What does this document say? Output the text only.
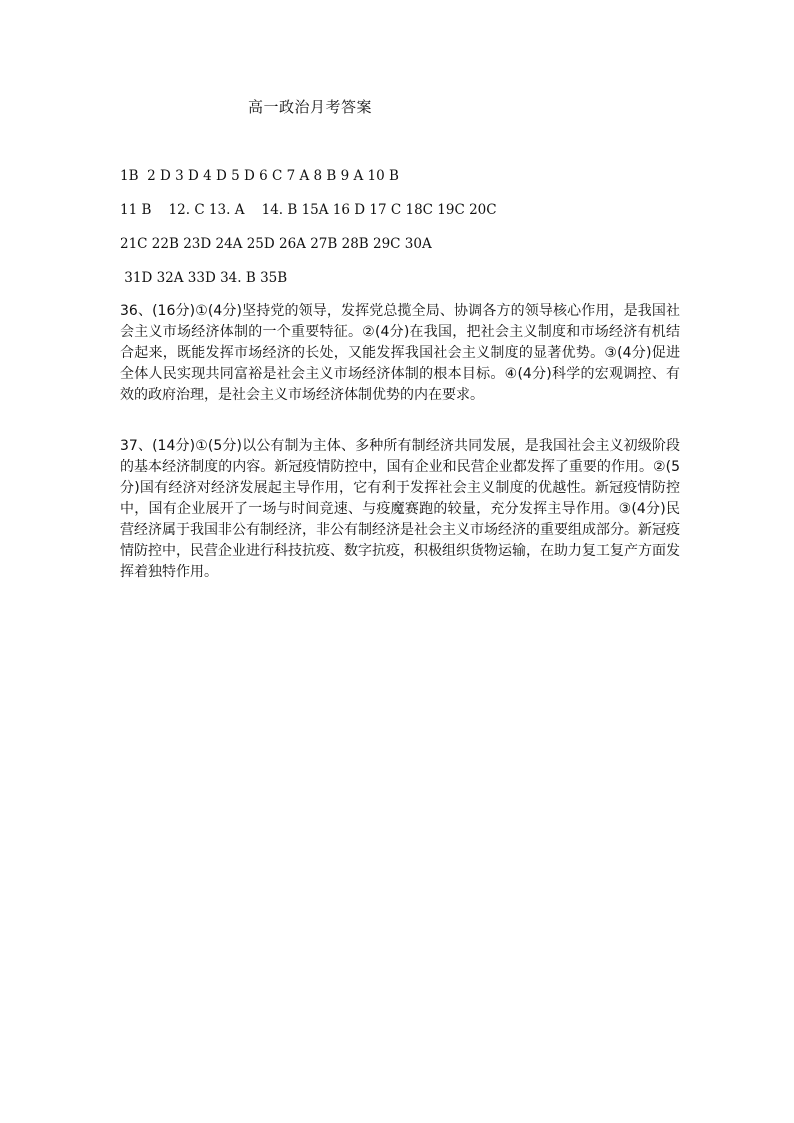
高一政治月考答案
1B  2 D 3 D 4 D 5 D 6 C 7 A 8 B 9 A 10 B
11 B    12. C 13. A    14. B 15A 16 D 17 C 18C 19C 20C
21C 22B 23D 24A 25D 26A 27B 28B 29C 30A
31D 32A 33D 34. B 35B
36、(16分)①(4分)坚持党的领导，发挥党总揽全局、协调各方的领导核心作用，是我国社会主义市场经济体制的一个重要特征。②(4分)在我国，把社会主义制度和市场经济有机结合起来，既能发挥市场经济的长处，又能发挥我国社会主义制度的显著优势。③(4分)促进全体人民实现共同富裕是社会主义市场经济体制的根本目标。④(4分)科学的宏观调控、有效的政府治理，是社会主义市场经济体制优势的内在要求。
37、(14分)①(5分)以公有制为主体、多种所有制经济共同发展，是我国社会主义初级阶段的基本经济制度的内容。新冠疫情防控中，国有企业和民营企业都发挥了重要的作用。②(5分)国有经济对经济发展起主导作用，它有利于发挥社会主义制度的优越性。新冠疫情防控中，国有企业展开了一场与时间竞速、与疫魔赛跑的较量，充分发挥主导作用。③(4分)民营经济属于我国非公有制经济，非公有制经济是社会主义市场经济的重要组成部分。新冠疫情防控中，民营企业进行科技抗疫、数字抗疫，积极组织货物运输，在助力复工复产方面发挥着独特作用。
